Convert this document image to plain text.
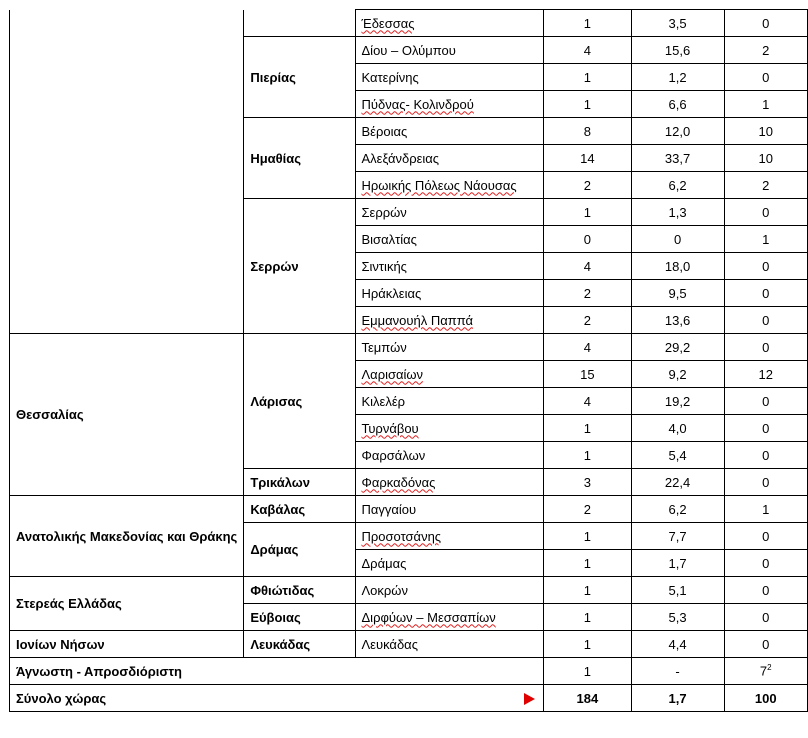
		Έδεσσας	1	3,5	0
	Πιερίας	Δίου – Ολύμπου	4	15,6	2
		Κατερίνης	1	1,2	0
		Πύδνας- Κολινδρού	1	6,6	1
	Ημαθίας	Βέροιας	8	12,0	10
		Αλεξάνδρειας	14	33,7	10
		Ηρωικής Πόλεως Νάουσας	2	6,2	2
	Σερρών	Σερρών	1	1,3	0
		Βισαλτίας	0	0	1
		Σιντικής	4	18,0	0
		Ηράκλειας	2	9,5	0
		Εμμανουήλ Παππά	2	13,6	0
Θεσσαλίας	Λάρισας	Τεμπών	4	29,2	0
		Λαρισαίων	15	9,2	12
		Κιλελέρ	4	19,2	0
		Τυρνάβου	1	4,0	0
		Φαρσάλων	1	5,4	0
	Τρικάλων	Φαρκαδόνας	3	22,4	0
Ανατολικής Μακεδονίας και Θράκης	Καβάλας	Παγγαίου	2	6,2	1
	Δράμας	Προσοτσάνης	1	7,7	0
		Δράμας	1	1,7	0
Στερεάς Ελλάδας	Φθιώτιδας	Λοκρών	1	5,1	0
	Εύβοιας	Διρφύων – Μεσσαπίων	1	5,3	0
Ιονίων Νήσων	Λευκάδας	Λευκάδας	1	4,4	0
Άγνωστη - Απροσδιόριστη			1	-	$7^2$
Σύνολο χώρας			184	1,7	100
